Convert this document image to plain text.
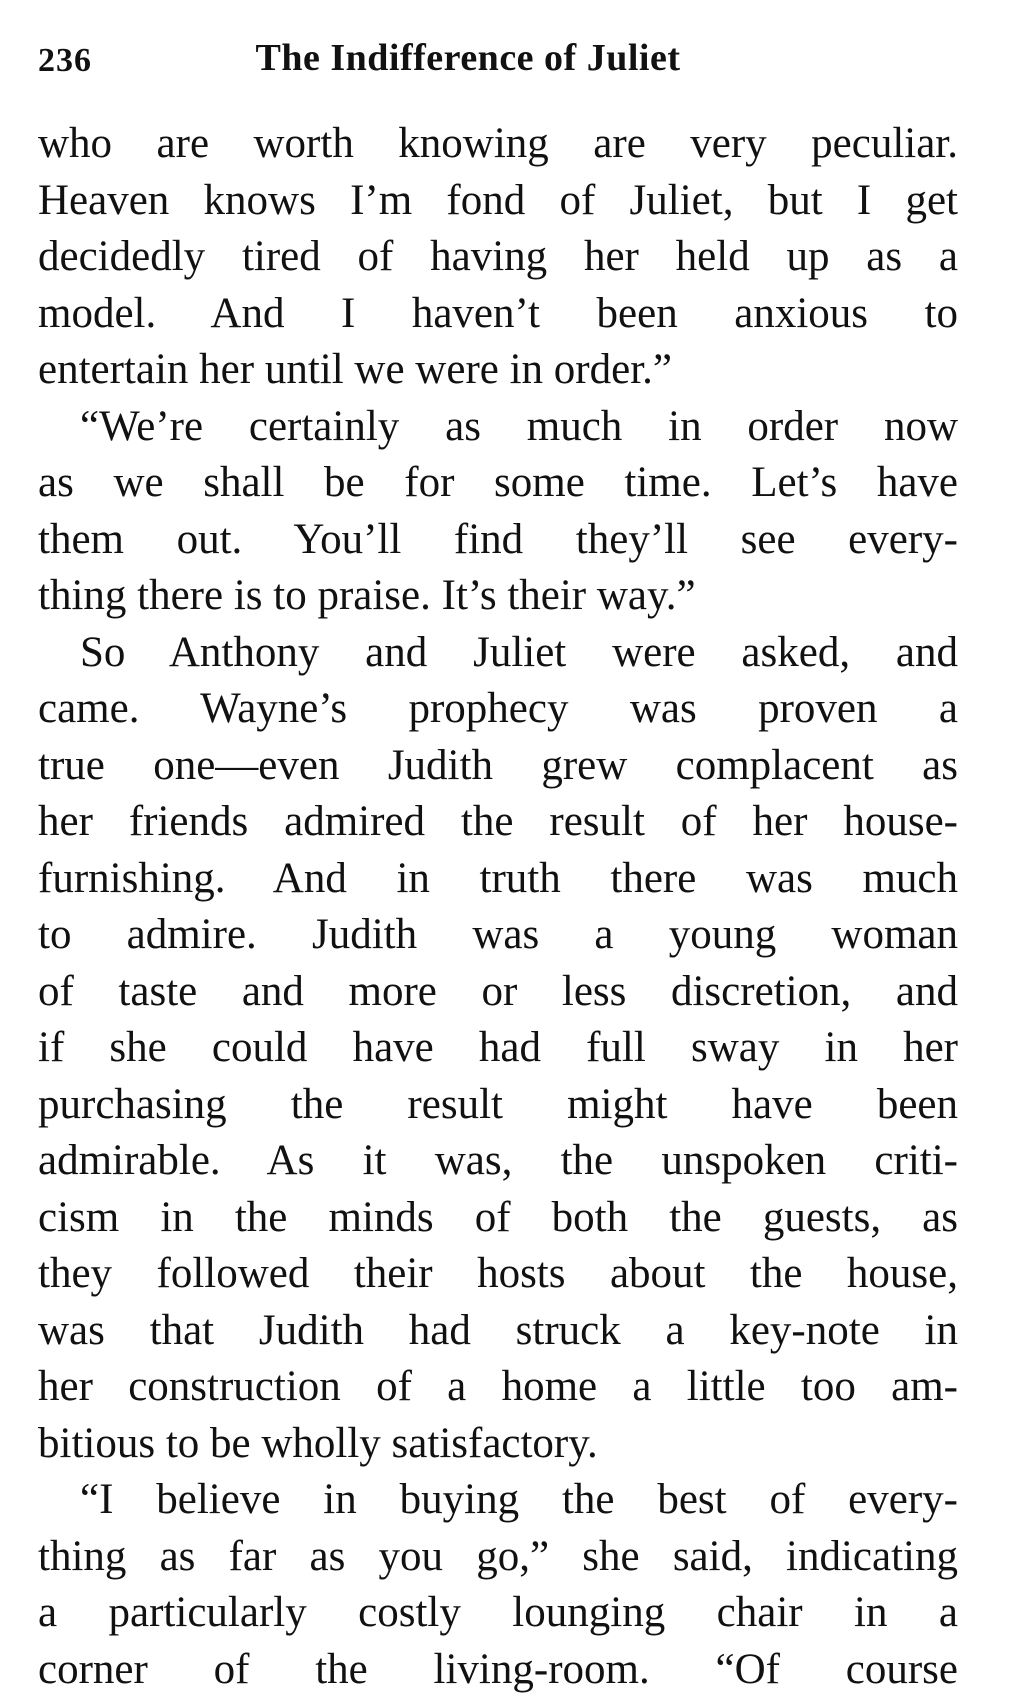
236	The Indifference of Juliet
who are worth knowing are very peculiar.
Heaven knows I’m fond of Juliet, but I get
decidedly tired of having her held up as a
model. And I haven’t been anxious to
entertain her until we were in order.”
“We’re certainly as much in order now
as we shall be for some time. Let’s have
them out. You’ll find they’ll see every-
thing there is to praise. It’s their way.”
So Anthony and Juliet were asked, and
came. Wayne’s prophecy was proven a
true one—even Judith grew complacent as
her friends admired the result of her house-
furnishing. And in truth there was much
to admire. Judith was a young woman
of taste and more or less discretion, and
if she could have had full sway in her
purchasing the result might have been
admirable. As it was, the unspoken criti-
cism in the minds of both the guests, as
they followed their hosts about the house,
was that Judith had struck a key-note in
her construction of a home a little too am-
bitious to be wholly satisfactory.
“I believe in buying the best of every-
thing as far as you go,” she said, indicating
a particularly costly lounging chair in a
corner of the living-room. “Of course
